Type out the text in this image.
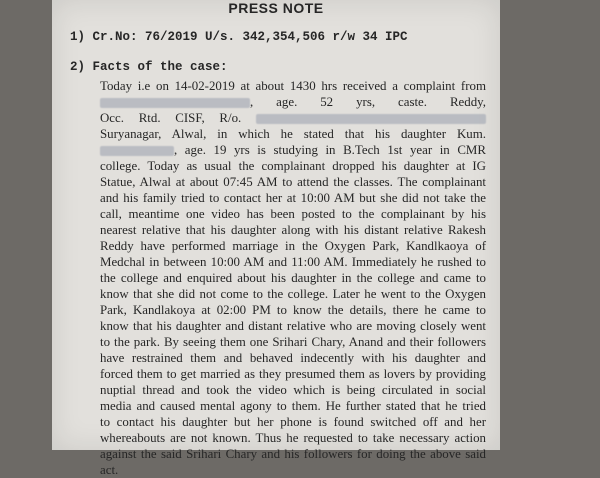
PRESS NOTE
1) Cr.No: 76/2019 U/s. 342,354,506 r/w 34 IPC
2) Facts of the case:
Today i.e on 14-02-2019 at about 1430 hrs received a complaint from
, age. 52 yrs, caste. Reddy,
Occ. Rtd. CISF, R/o.
Suryanagar, Alwal, in which he stated that his daughter Kum.
, age. 19 yrs is studying in B.Tech 1st year in CMR
college. Today as usual the complainant dropped his daughter at IG
Statue, Alwal at about 07:45 AM to attend the classes. The complainant
and his family tried to contact her at 10:00 AM but she did not take the
call, meantime one video has been posted to the complainant by his
nearest relative that his daughter along with his distant relative Rakesh
Reddy have performed marriage in the Oxygen Park, Kandlkaoya of
Medchal in between 10:00 AM and 11:00 AM. Immediately he rushed to
the college and enquired about his daughter in the college and came to
know that she did not come to the college. Later he went to the Oxygen
Park, Kandlakoya at 02:00 PM to know the details, there he came to
know that his daughter and distant relative who are moving closely went
to the park. By seeing them one Srihari Chary, Anand and their followers
have restrained them and behaved indecently with his daughter and
forced them to get married as they presumed them as lovers by providing
nuptial thread and took the video which is being circulated in social
media and caused mental agony to them. He further stated that he tried
to contact his daughter but her phone is found switched off and her
whereabouts are not known. Thus he requested to take necessary action
against the said Srihari Chary and his followers for doing the above said
act.
